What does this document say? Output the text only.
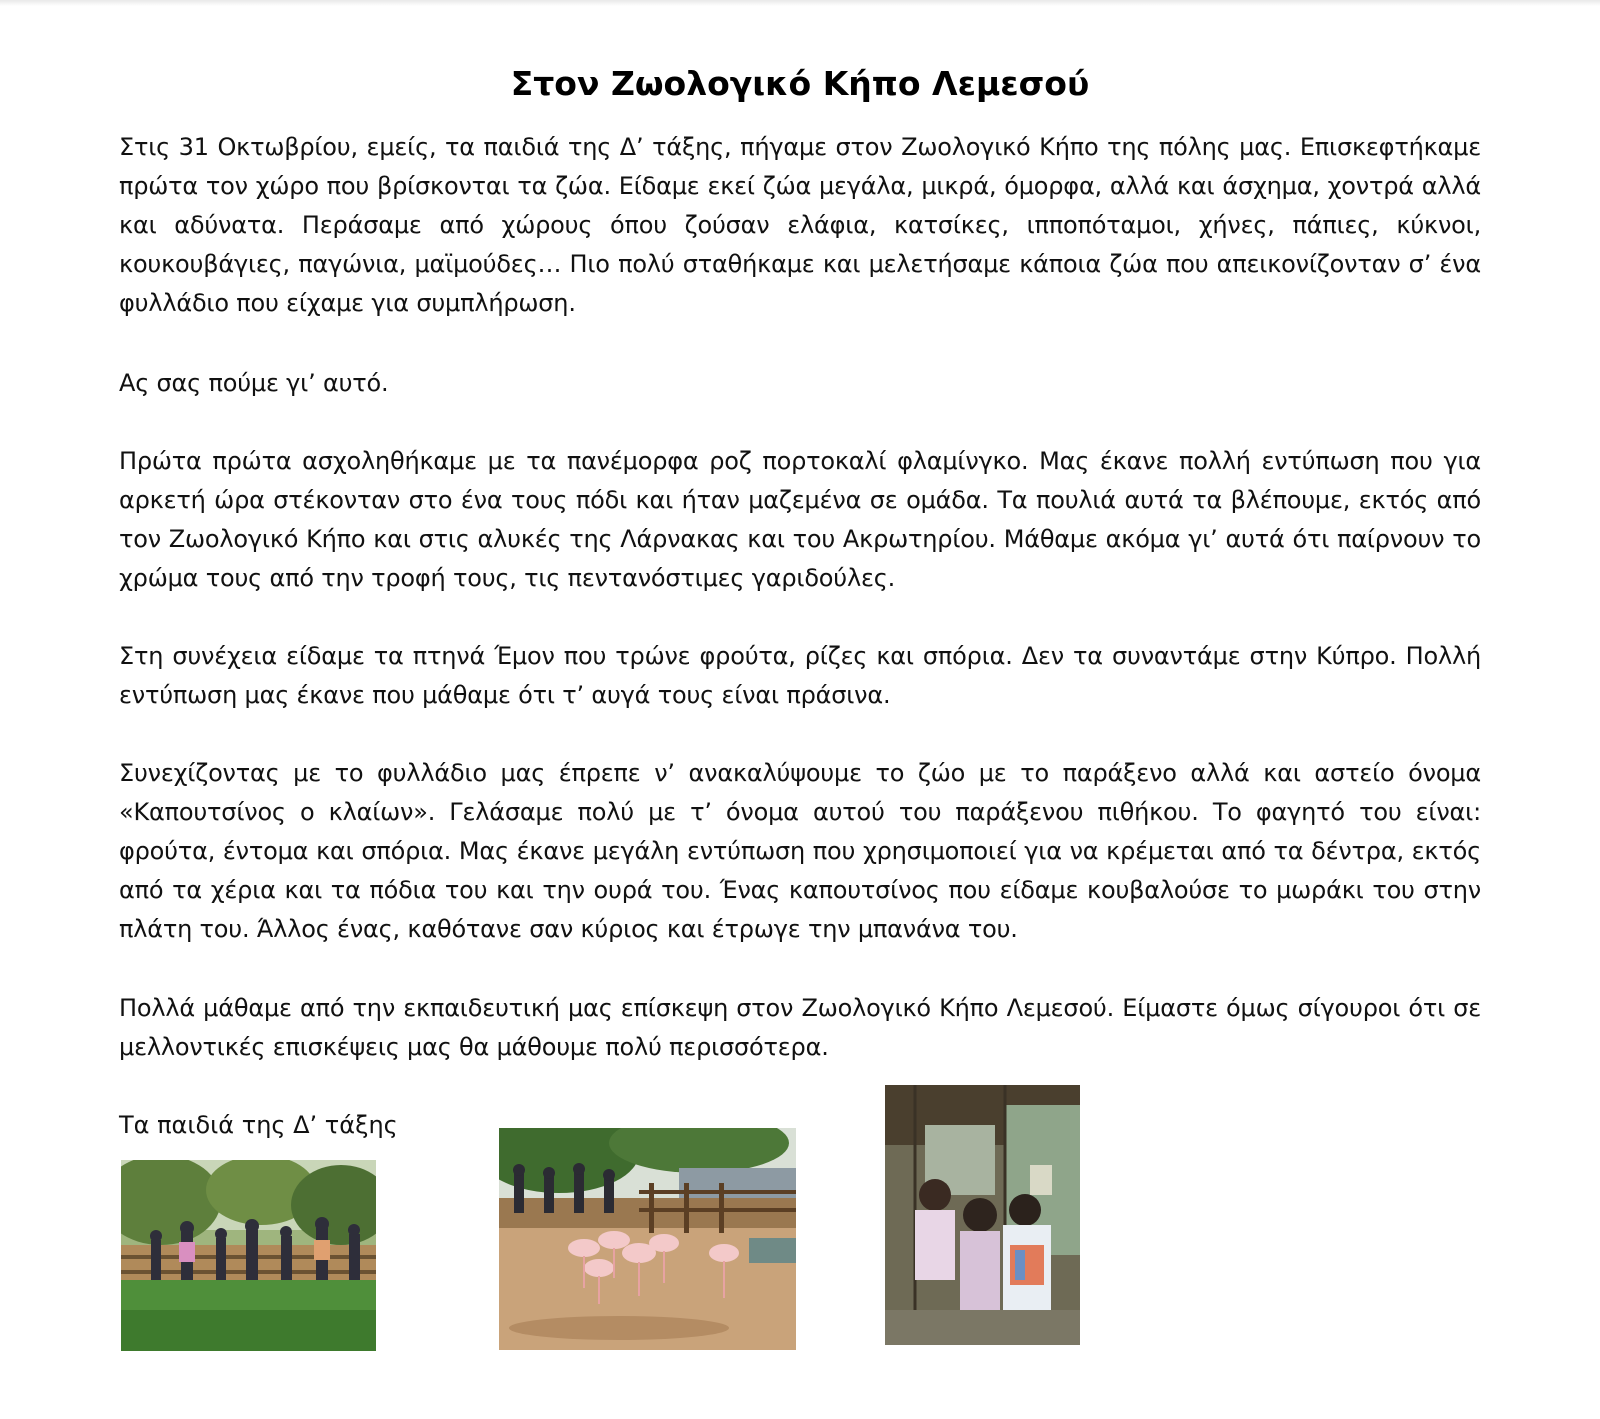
Στον Ζωολογικό Κήπο Λεμεσού

Στις 31 Οκτωβρίου, εμείς, τα παιδιά της Δ’ τάξης, πήγαμε στον Ζωολογικό Κήπο της πόλης μας. Επισκεφτήκαμε πρώτα τον χώρο που βρίσκονται τα ζώα. Είδαμε εκεί ζώα μεγάλα, μικρά, όμορφα, αλλά και άσχημα, χοντρά αλλά και αδύνατα. Περάσαμε από χώρους όπου ζούσαν ελάφια, κατσίκες, ιπποπόταμοι, χήνες, πάπιες, κύκνοι, κουκουβάγιες, παγώνια, μαϊμούδες… Πιο πολύ σταθήκαμε και μελετήσαμε κάποια ζώα που απεικονίζονταν σ’ ένα φυλλάδιο που είχαμε για συμπλήρωση.

Ας σας πούμε γι’ αυτό.

Πρώτα πρώτα ασχοληθήκαμε με τα πανέμορφα ροζ πορτοκαλί φλαμίνγκο. Μας έκανε πολλή εντύπωση που για αρκετή ώρα στέκονταν στο ένα τους πόδι και ήταν μαζεμένα σε ομάδα. Τα πουλιά αυτά τα βλέπουμε, εκτός από τον Ζωολογικό Κήπο και στις αλυκές της Λάρνακας και του Ακρωτηρίου. Μάθαμε ακόμα γι’ αυτά ότι παίρνουν το χρώμα τους από την τροφή τους, τις πεντανόστιμες γαριδούλες.

Στη συνέχεια είδαμε τα πτηνά Έμον που τρώνε φρούτα, ρίζες και σπόρια. Δεν τα συναντάμε στην Κύπρο. Πολλή εντύπωση μας έκανε που μάθαμε ότι τ’ αυγά τους είναι πράσινα.

Συνεχίζοντας με το φυλλάδιο μας έπρεπε ν’ ανακαλύψουμε το ζώο με το παράξενο αλλά και αστείο όνομα «Καπουτσίνος ο κλαίων». Γελάσαμε πολύ με τ’ όνομα αυτού του παράξενου πιθήκου. Το φαγητό του είναι: φρούτα, έντομα και σπόρια. Μας έκανε μεγάλη εντύπωση που χρησιμοποιεί για να κρέμεται από τα δέντρα, εκτός από τα χέρια και τα πόδια του και την ουρά του. Ένας καπουτσίνος που είδαμε κουβαλούσε το μωράκι του στην πλάτη του. Άλλος ένας, καθότανε σαν κύριος και έτρωγε την μπανάνα του.

Πολλά μάθαμε από την εκπαιδευτική μας επίσκεψη στον Ζωολογικό Κήπο Λεμεσού. Είμαστε όμως σίγουροι ότι σε μελλοντικές επισκέψεις μας θα μάθουμε πολύ περισσότερα.

Τα παιδιά της Δ’ τάξης
